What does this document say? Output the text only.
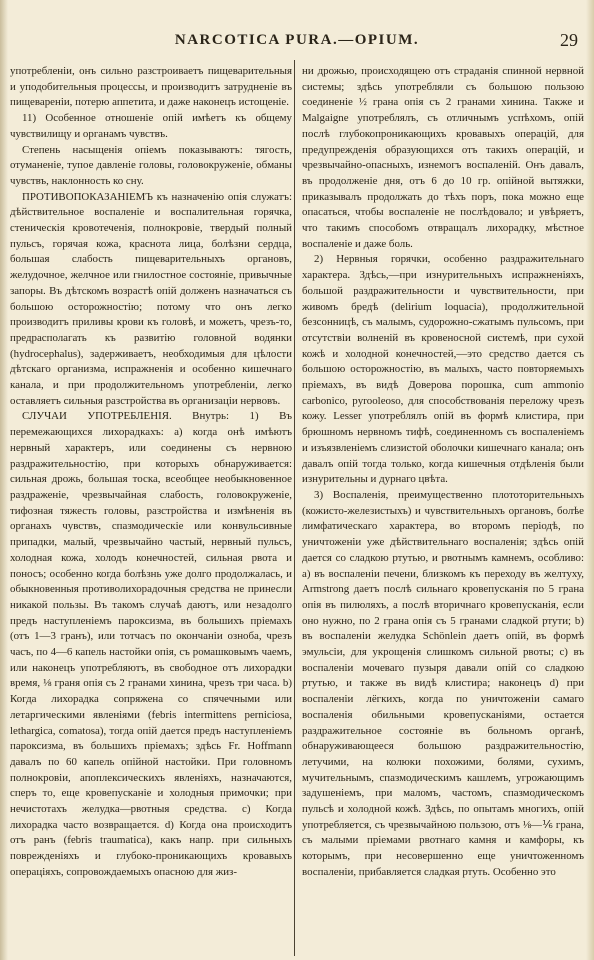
NARCOTICA PURA.—OPIUM.	29

употребленіи, онъ сильно разстроиваетъ пищеварительныя и уподобительныя процессы, и производитъ затрудненіе въ пищевареніи, потерю аппетита, и даже наконецъ истощеніе.

11) Особенное отношеніе опій имѣетъ къ общему чувствилищу и органамъ чувствъ.

Степень насыщенія опіемъ показываютъ: тягость, отуманеніе, тупое давленіе головы, головокруженіе, обманы чувствъ, наклонность ко сну.

ПРОТИВОПОКАЗАНІЕМЪ къ назначенію опія служатъ: дѣйствительное воспаленіе и воспалительная горячка, стеническія кровотеченія, полнокровіе, твердый полный пульсъ, горячая кожа, краснота лица, болѣзни сердца, большая слабость пищеварительныхъ органовъ, желудочное, желчное или гнилостное состояніе, привычные запоры. Въ дѣтскомъ возрастѣ опій долженъ назначаться съ большою осторожностію; потому что онъ легко производитъ приливы крови къ головѣ, и можетъ, чрезъ-то, предрасполагать къ развитію головной водянки (hydrocephalus), задерживаетъ, необходимыя для цѣлости дѣтскаго организма, испражненія и особенно кишечнаго канала, и при продолжительномъ употребленіи, легко оставляетъ сильныя разстройства въ организаціи нервовъ.

СЛУЧАИ УПОТРЕБЛЕНІЯ. Внутрь: 1) Въ перемежающихся лихорадкахъ: а) когда онѣ имѣютъ нервный характеръ, или соединены съ нервною раздражительностію, при которыхъ обнаруживается: сильная дрожь, большая тоска, всеобщее необыкновенное раздраженіе, чрезвычайная слабость, головокруженіе, тифозная тяжесть головы, разстройства и измѣненія въ органахъ чувствъ, спазмодическіе или конвульсивные припадки, малый, чрезвычайно частый, нервный пульсъ, холодная кожа, холодъ конечностей, сильная рвота и поносъ; особенно когда болѣзнь уже долго продолжалась, и обыкновенныя противолихорадочныя средства не принесли никакой пользы. Въ такомъ случаѣ даютъ, или незадолго предъ наступленіемъ пароксизма, въ большихъ пріемахъ (отъ 1—3 гранъ), или тотчасъ по окончаніи озноба, чрезъ часъ, по 4—6 капель настойки опія, съ ромашковымъ чаемъ, или наконецъ употребляютъ, въ свободное отъ лихорадки время, ⅛ граня опія съ 2 гранами хинина, чрезъ три часа. b) Когда лихорадка сопряжена со спячечными или летаргическими явленіями (febris intermittens perniciosa, lethargica, comatosa), тогда опій дается предъ наступленіемъ пароксизма, въ большихъ пріемахъ; здѣсь Fr. Hoffmann давалъ по 60 капель опійной настойки. При головномъ полнокровіи, апоплексическихъ явленіяхъ, назначаются, сперъ то, еще кровепусканіе и холодныя примочки; при нечистотахъ желудка—рвотныя средства. с) Когда лихорадка часто возвращается. d) Когда она происходитъ отъ ранъ (febris traumatica), какъ напр. при сильныхъ поврежденіяхъ и глубоко-проникающихъ кровавыхъ операціяхъ, сопровождаемыхъ опасною для жиз-

ни дрожью, происходящею отъ страданія спинной нервной системы; здѣсь употребляли съ большою пользою соединеніе ½ грана опія съ 2 гранами хинина. Также и Malgaigne употреблялъ, съ отличнымъ успѣхомъ, опій послѣ глубокопроникающихъ кровавыхъ операцій, для предупрежденія образующихся отъ такихъ операцій, и чрезвычайно-опасныхъ, изнемогъ воспаленій. Онъ давалъ, въ продолженіе дня, отъ 6 до 10 гр. опійной вытяжки, приказывалъ продолжать до тѣхъ поръ, пока можно еще опасаться, чтобы воспаленіе не послѣдовало; и увѣряетъ, что такимъ способомъ отвращалъ лихорадку, мѣстное воспаленіе и даже боль.

2) Нервныя горячки, особенно раздражительнаго характера. Здѣсь,—при изнурительныхъ испражненіяхъ, большой раздражительности и чувствительности, при живомъ бредѣ (delirium loquacia), продолжительной безсонницѣ, съ малымъ, судорожно-сжатымъ пульсомъ, при отсутствіи волненій въ кровеносной системѣ, при сухой кожѣ и холодной конечностей,—это средство дается съ большою осторожностію, въ малыхъ, часто повторяемыхъ пріемахъ, въ видѣ Доверова порошка, cum ammonio carbonico, pyrooleoso, для способствованія переложу чрезъ кожу. Lesser употреблялъ опій въ формѣ клистира, при брюшномъ нервномъ тифѣ, соединенномъ съ воспаленіемъ и изъязвленіемъ слизистой оболочки кишечнаго канала; онъ давалъ опій тогда только, когда кишечныя отдѣленія были изнурительны и дурнаго цвѣта.

3) Воспаленія, преимущественно плототорительныхъ (кожисто-железистыхъ) и чувствительныхъ органовъ, болѣе лимфатическаго характера, во второмъ періодѣ, по уничтоженіи уже дѣйствительнаго воспаленія; здѣсь опій дается со сладкою ртутью, и рвотнымъ камнемъ, особливо: а) въ воспаленіи печени, близкомъ къ переходу въ желтуху, Armstrong даетъ послѣ сильнаго кровепусканія по 5 грана опія въ пилюляхъ, а послѣ вторичнаго кровепусканія, если оно нужно, по 2 грана опія съ 5 гранами сладкой ртути; b) въ воспаленіи желудка Schönlein даетъ опій, въ формѣ эмульсіи, для укрощенія слишкомъ сильной рвоты; с) въ воспаленіи мочеваго пузыря давали опій со сладкою ртутью, и также въ видѣ клистира; наконецъ d) при воспаленіи лёгкихъ, когда по уничтоженіи самаго воспаленія обильными кровепусканіями, остается раздражительное состояніе въ больномъ органѣ, обнаруживающееся большою раздражительностію, летучими, на колюки похожими, болями, сухимъ, мучительнымъ, спазмодическимъ кашлемъ, угрожающимъ задушеніемъ, при маломъ, частомъ, спазмодическомъ пульсѣ и холодной кожѣ. Здѣсь, по опытамъ многихъ, опій употребляется, съ чрезвычайною пользою, отъ ⅛—⅙ грана, съ малыми пріемами рвотнаго камня и камфоры, къ которымъ, при несовершенно еще уничтоженномъ воспаленіи, прибавляется сладкая ртуть. Особенно это
